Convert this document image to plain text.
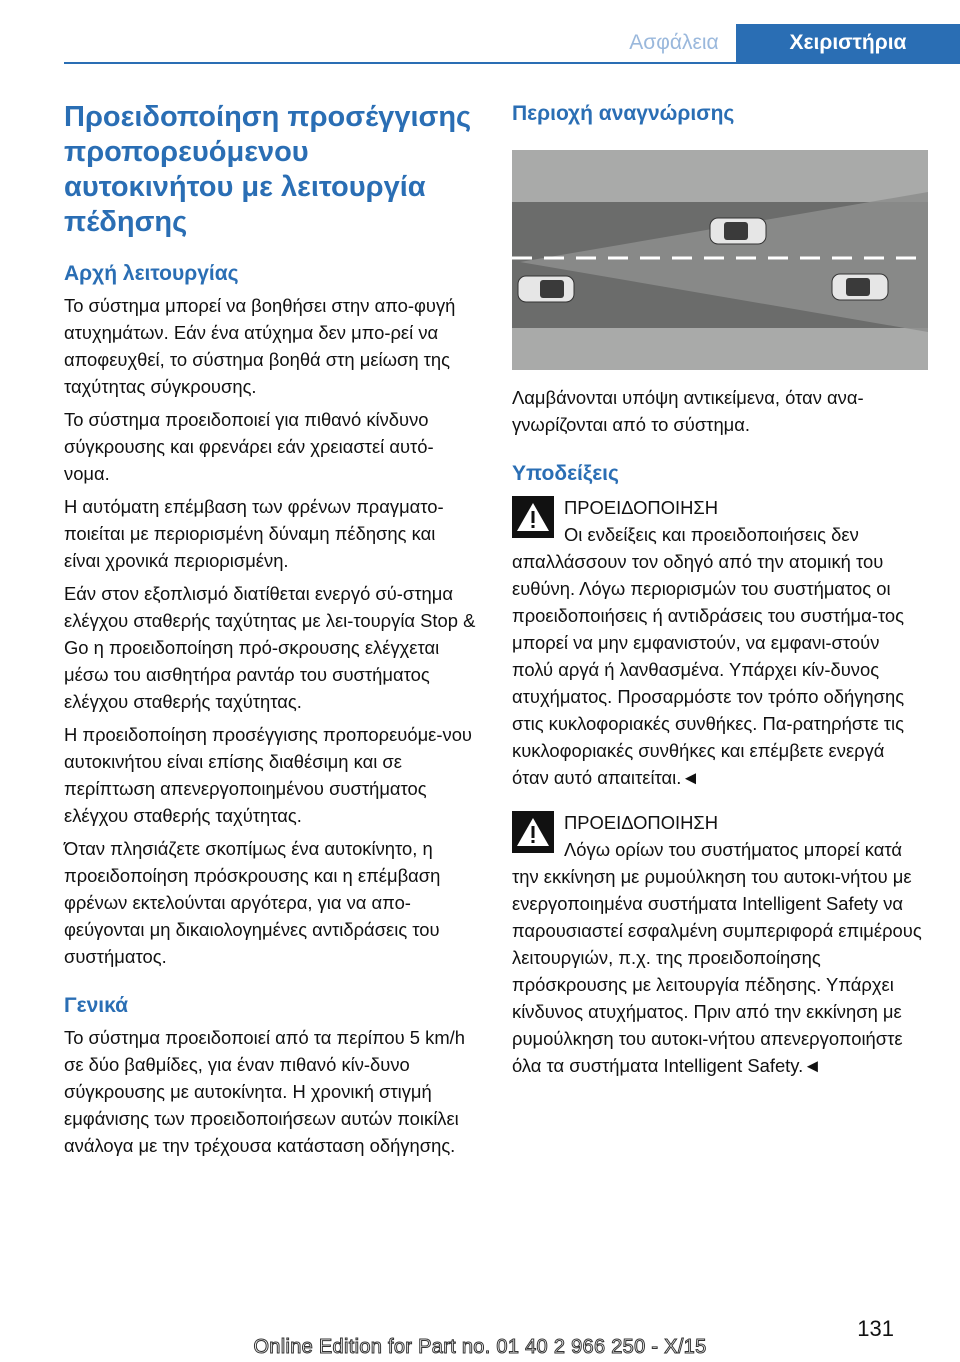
Ασφάλεια	Χειριστήρια
Προειδοποίηση προσέγγισης προπορευόμενου αυτοκινήτου με λειτουργία πέδησης
Αρχή λειτουργίας

Το σύστημα μπορεί να βοηθήσει στην απο‐φυγή ατυχημάτων. Εάν ένα ατύχημα δεν μπο‐ρεί να αποφευχθεί, το σύστημα βοηθά στη μείωση της ταχύτητας σύγκρουσης.

Το σύστημα προειδοποιεί για πιθανό κίνδυνο σύγκρουσης και φρενάρει εάν χρειαστεί αυτό‐νομα.

Η αυτόματη επέμβαση των φρένων πραγματο‐ποιείται με περιορισμένη δύναμη πέδησης και είναι χρονικά περιορισμένη.

Εάν στον εξοπλισμό διατίθεται ενεργό σύ‐στημα ελέγχου σταθερής ταχύτητας με λει‐τουργία Stop & Go η προειδοποίηση πρό‐σκρουσης ελέγχεται μέσω του αισθητήρα ραντάρ του συστήματος ελέγχου σταθερής ταχύτητας.

Η προειδοποίηση προσέγγισης προπορευόμε‐νου αυτοκινήτου είναι επίσης διαθέσιμη και σε περίπτωση απενεργοποιημένου συστήματος ελέγχου σταθερής ταχύτητας.

Όταν πλησιάζετε σκοπίμως ένα αυτοκίνητο, η προειδοποίηση πρόσκρουσης και η επέμβαση φρένων εκτελούνται αργότερα, για να απο‐φεύγονται μη δικαιολογημένες αντιδράσεις του συστήματος.

Γενικά

Το σύστημα προειδοποιεί από τα περίπου 5 km/h σε δύο βαθμίδες, για έναν πιθανό κίν‐δυνο σύγκρουσης με αυτοκίνητα. Η χρονική στιγμή εμφάνισης των προειδοποιήσεων αυτών ποικίλει ανάλογα με την τρέχουσα κατάσταση οδήγησης.

Περιοχή αναγνώρισης

Λαμβάνονται υπόψη αντικείμενα, όταν ανα‐γνωρίζονται από το σύστημα.

Υποδείξεις
ΠΡΟΕΙΔΟΠΟΙΗΣΗ

Οι ενδείξεις και προειδοποιήσεις δεν απαλλάσσουν τον οδηγό από την ατομική του ευθύνη. Λόγω περιορισμών του συστήματος οι προειδοποιήσεις ή αντιδράσεις του συστήμα‐τος μπορεί να μην εμφανιστούν, να εμφανι‐στούν πολύ αργά ή λανθασμένα. Υπάρχει κίν‐δυνος ατυχήματος. Προσαρμόστε τον τρόπο οδήγησης στις κυκλοφοριακές συνθήκες. Πα‐ρατηρήστε τις κυκλοφοριακές συνθήκες και επέμβετε ενεργά όταν αυτό απαιτείται.◄

ΠΡΟΕΙΔΟΠΟΙΗΣΗ

Λόγω ορίων του συστήματος μπορεί κατά την εκκίνηση με ρυμούλκηση του αυτοκι‐νήτου με ενεργοποιημένα συστήματα Intelligent Safety να παρουσιαστεί εσφαλμένη συμπεριφορά επιμέρους λειτουργιών, π.χ. της προειδοποίησης πρόσκρουσης με λειτουργία πέδησης. Υπάρχει κίνδυνος ατυχήματος. Πριν από την εκκίνηση με ρυμούλκηση του αυτοκι‐νήτου απενεργοποιήστε όλα τα συστήματα Intelligent Safety.◄

131
Online Edition for Part no. 01 40 2 966 250 - X/15
